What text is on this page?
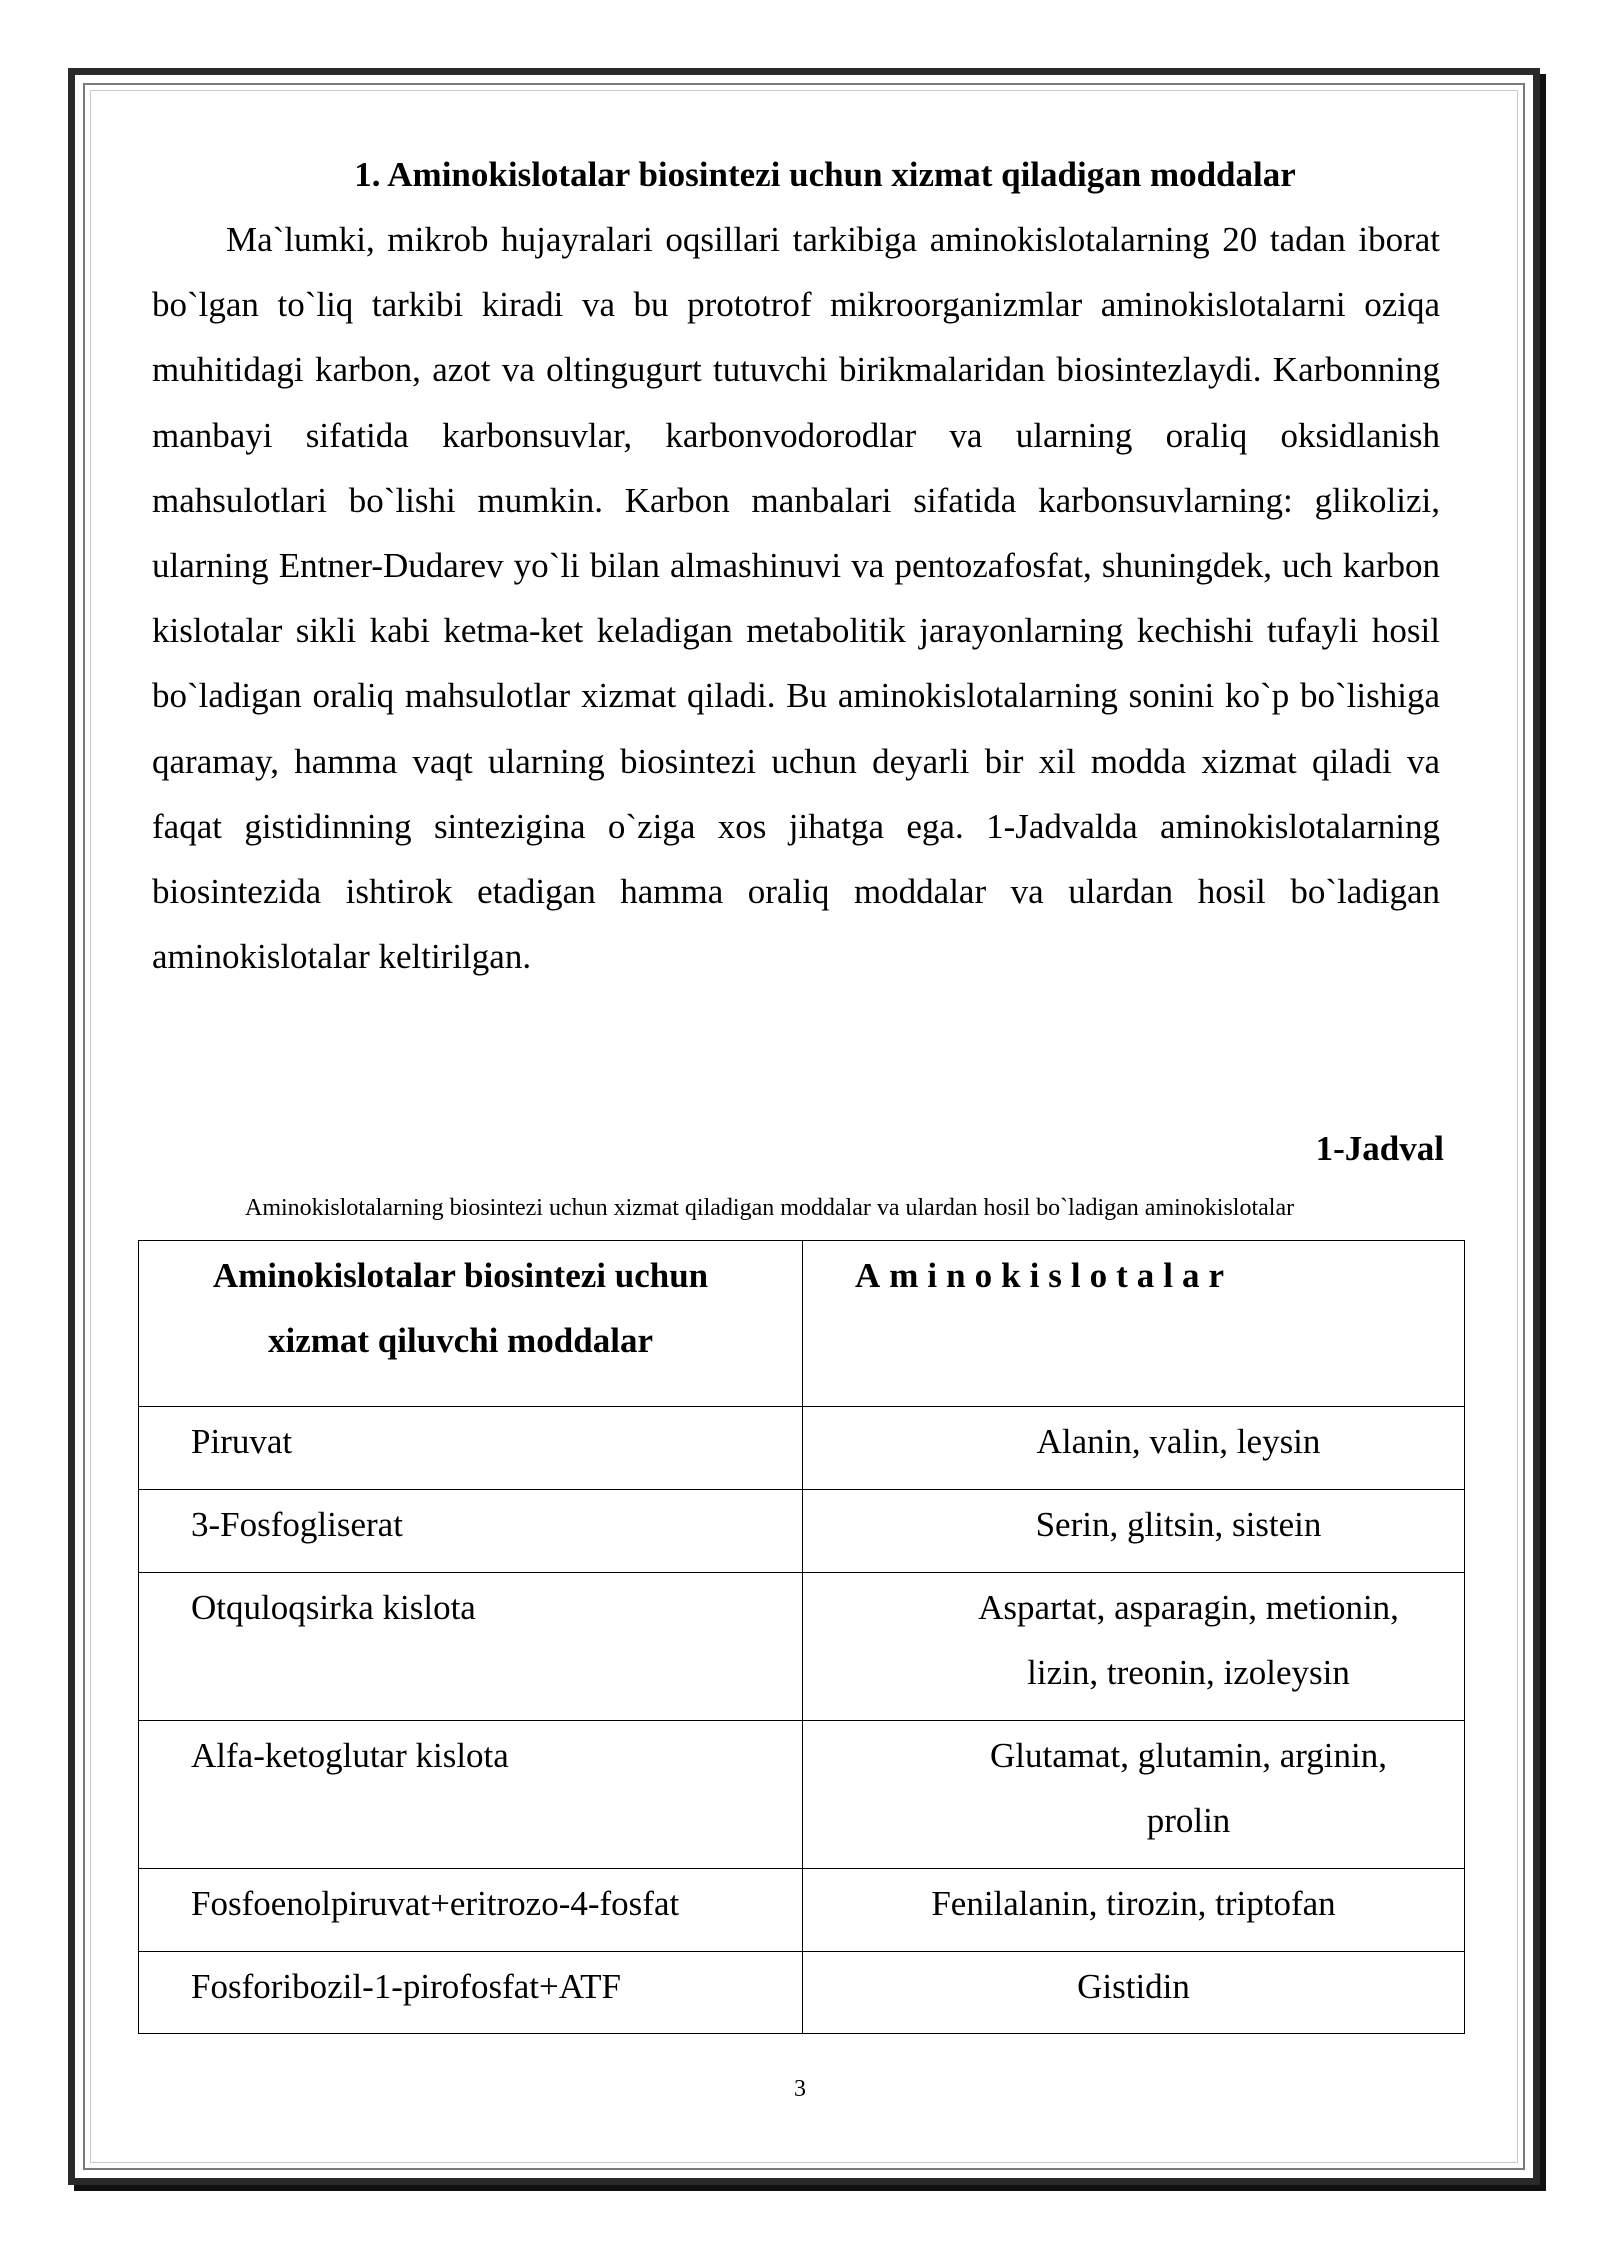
1. Aminokislotalar biosintezi uchun xizmat qiladigan moddalar

Ma`lumki, mikrob hujayralari oqsillari tarkibiga aminokislotalarning 20 tadan iborat bo`lgan to`liq tarkibi kiradi va bu prototrof mikroorganizmlar aminokislotalarni oziqa muhitidagi karbon, azot va oltingugurt tutuvchi birikmalaridan biosintezlaydi. Karbonning manbayi sifatida karbonsuvlar, karbonvodorodlar va ularning oraliq oksidlanish mahsulotlari bo`lishi mumkin. Karbon manbalari sifatida karbonsuvlarning: glikolizi, ularning Entner-Dudarev yo`li bilan almashinuvi va pentozafosfat, shuningdek, uch karbon kislotalar sikli kabi ketma-ket keladigan metabolitik jarayonlarning kechishi tufayli hosil bo`ladigan oraliq mahsulotlar xizmat qiladi. Bu aminokislotalarning sonini ko`p bo`lishiga qaramay, hamma vaqt ularning biosintezi uchun deyarli bir xil modda xizmat qiladi va faqat gistidinning sintezigina o`ziga xos jihatga ega. 1-Jadvalda aminokislotalarning biosintezida ishtirok etadigan hamma oraliq moddalar va ulardan hosil bo`ladigan aminokislotalar keltirilgan.

1-Jadval
Aminokislotalarning biosintezi uchun xizmat qiladigan moddalar va ulardan hosil bo`ladigan aminokislotalar
Aminokislotalar biosintezi uchun xizmat qiluvchi moddalar	Aminokislotalar
Piruvat	Alanin, valin, leysin
3-Fosfogliserat	Serin, glitsin, sistein
Otquloqsirka kislota	Aspartat, asparagin, metionin, lizin, treonin, izoleysin
Alfa-ketoglutar kislota	Glutamat, glutamin, arginin, prolin
Fosfoenolpiruvat+eritrozo-4-fosfat	Fenilalanin, tirozin, triptofan
Fosforibozil-1-pirofosfat+ATF	Gistidin
3
